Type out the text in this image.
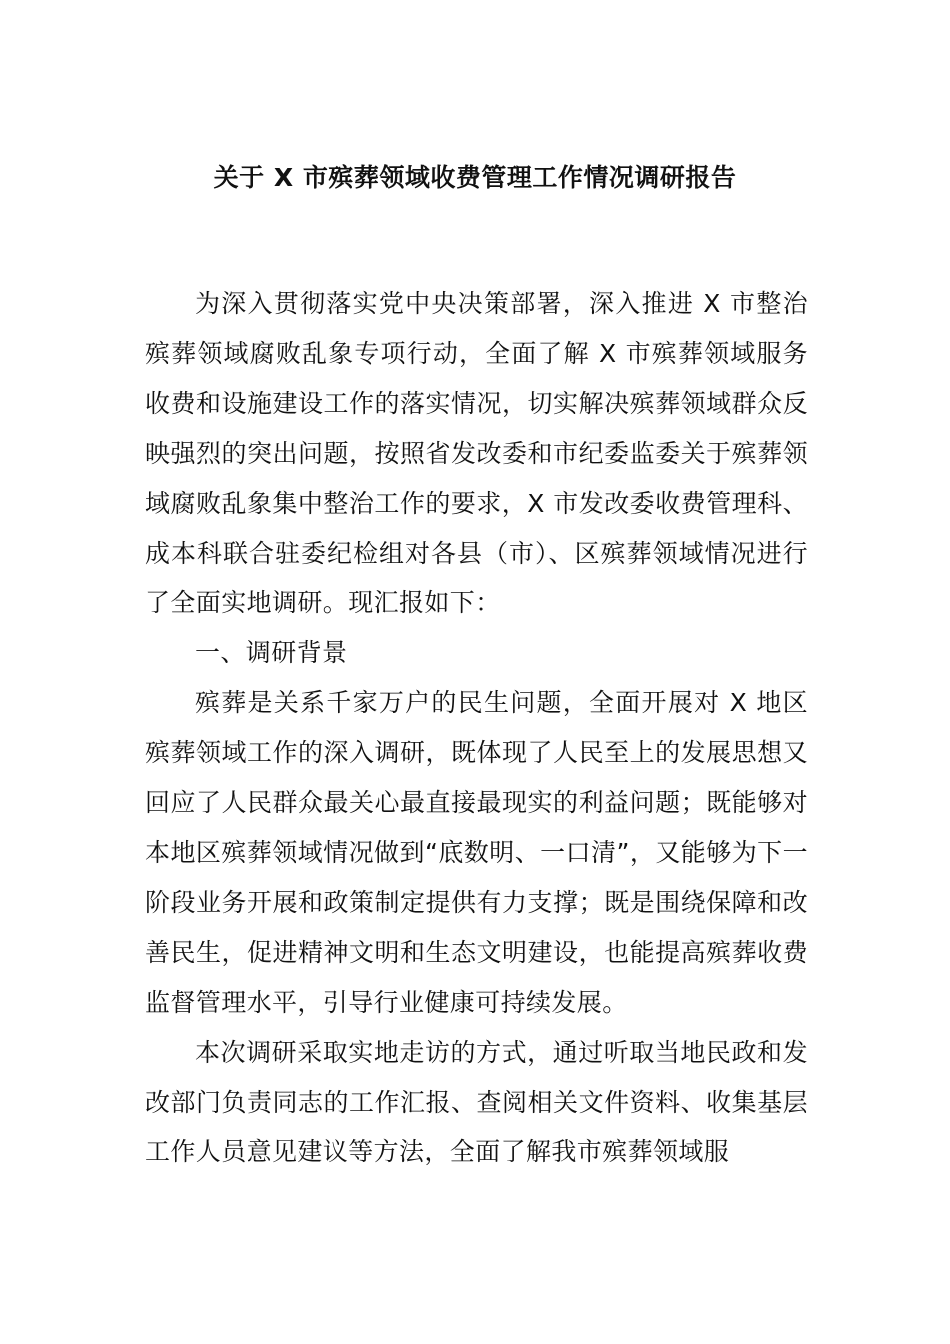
关于 X 市殡葬领域收费管理工作情况调研报告

为深入贯彻落实党中央决策部署，深入推进 X 市整治殡葬领域腐败乱象专项行动，全面了解 X 市殡葬领域服务收费和设施建设工作的落实情况，切实解决殡葬领域群众反映强烈的突出问题，按照省发改委和市纪委监委关于殡葬领域腐败乱象集中整治工作的要求，X 市发改委收费管理科、成本科联合驻委纪检组对各县（市）、区殡葬领域情况进行了全面实地调研。现汇报如下：

一、调研背景

殡葬是关系千家万户的民生问题，全面开展对 X 地区殡葬领域工作的深入调研，既体现了人民至上的发展思想又回应了人民群众最关心最直接最现实的利益问题；既能够对本地区殡葬领域情况做到“底数明、一口清”，又能够为下一阶段业务开展和政策制定提供有力支撑；既是围绕保障和改善民生，促进精神文明和生态文明建设，也能提高殡葬收费监督管理水平，引导行业健康可持续发展。

本次调研采取实地走访的方式，通过听取当地民政和发改部门负责同志的工作汇报、查阅相关文件资料、收集基层工作人员意见建议等方法，全面了解我市殡葬领域服
